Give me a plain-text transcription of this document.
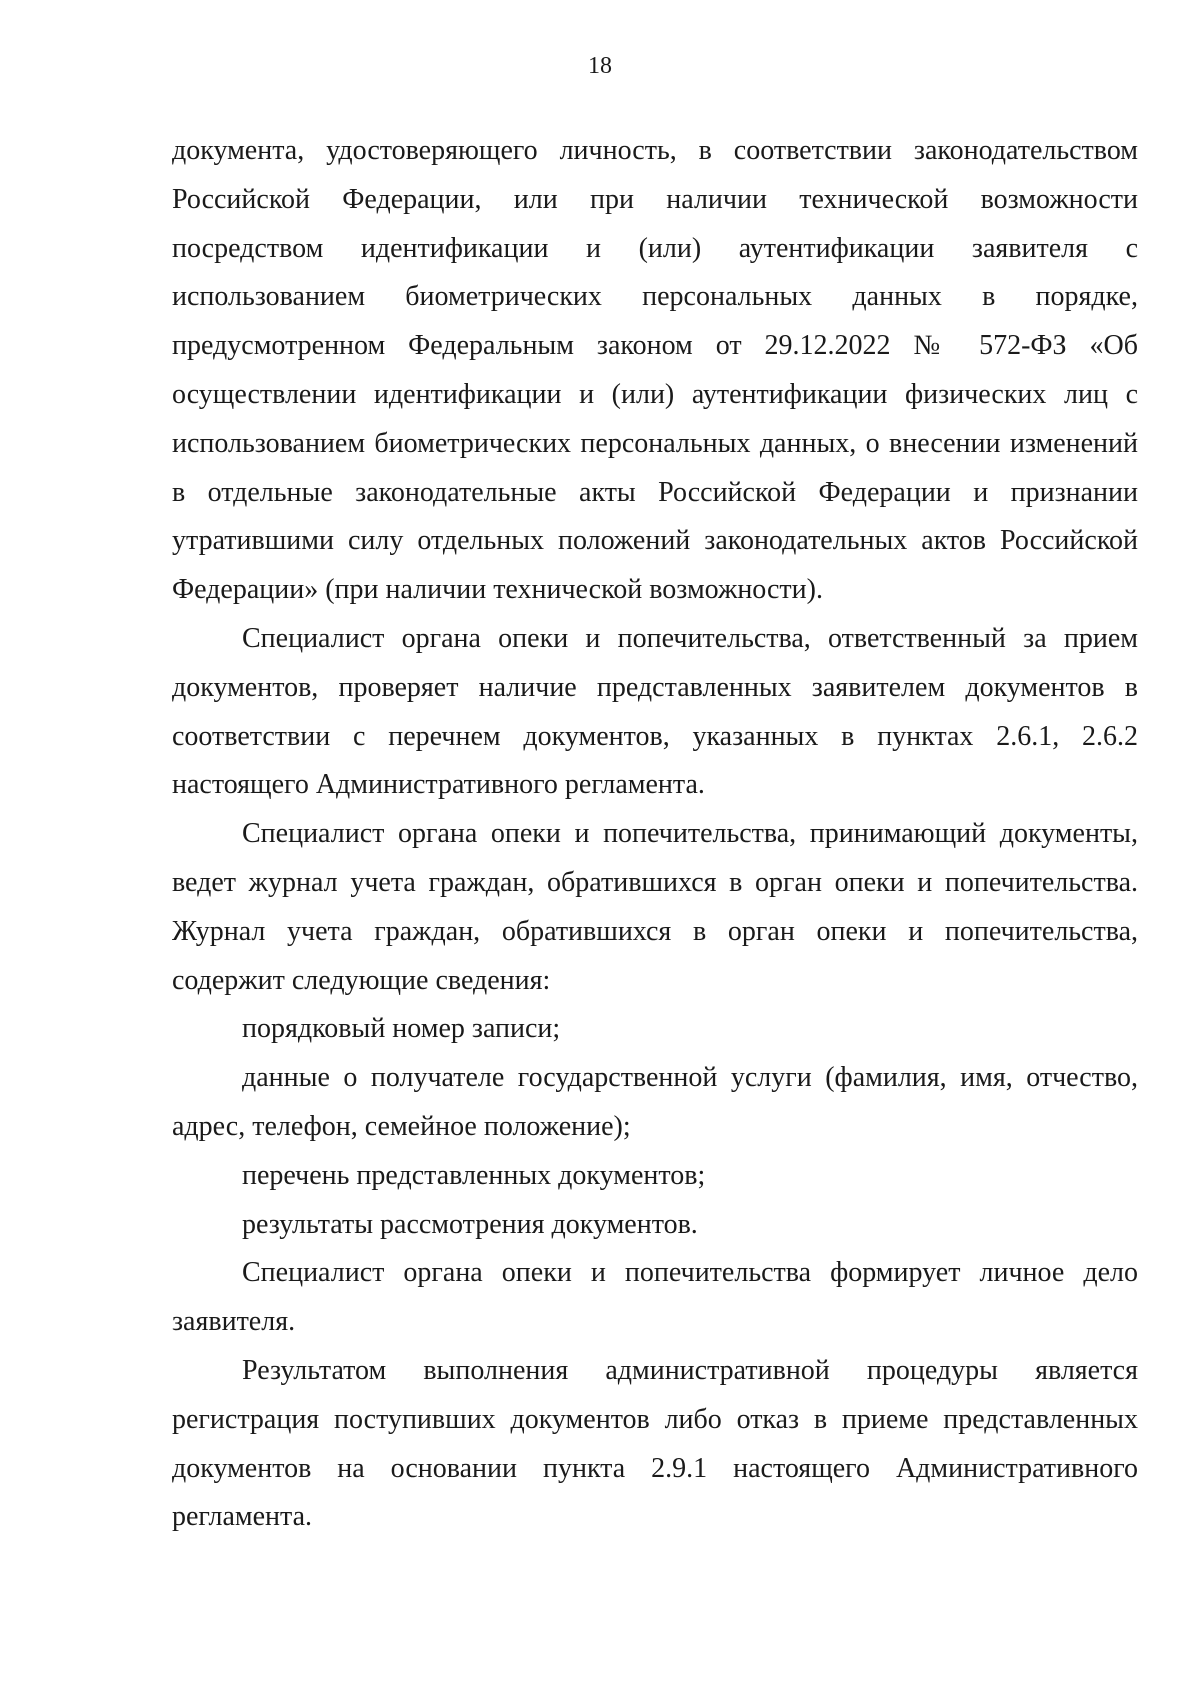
18

документа, удостоверяющего личность, в соответствии законодательством Российской Федерации, или при наличии технической возможности посредством идентификации и (или) аутентификации заявителя с использованием биометрических персональных данных в порядке, предусмотренном Федеральным законом от 29.12.2022 № 572-ФЗ «Об осуществлении идентификации и (или) аутентификации физических лиц с использованием биометрических персональных данных, о внесении изменений в отдельные законодательные акты Российской Федерации и признании утратившими силу отдельных положений законодательных актов Российской Федерации» (при наличии технической возможности).

Специалист органа опеки и попечительства, ответственный за прием документов, проверяет наличие представленных заявителем документов в соответствии с перечнем документов, указанных в пунктах 2.6.1, 2.6.2 настоящего Административного регламента.

Специалист органа опеки и попечительства, принимающий документы, ведет журнал учета граждан, обратившихся в орган опеки и попечительства. Журнал учета граждан, обратившихся в орган опеки и попечительства, содержит следующие сведения:

порядковый номер записи;

данные о получателе государственной услуги (фамилия, имя, отчество, адрес, телефон, семейное положение);

перечень представленных документов;

результаты рассмотрения документов.

Специалист органа опеки и попечительства формирует личное дело заявителя.

Результатом выполнения административной процедуры является регистрация поступивших документов либо отказ в приеме представленных документов на основании пункта 2.9.1 настоящего Административного регламента.
